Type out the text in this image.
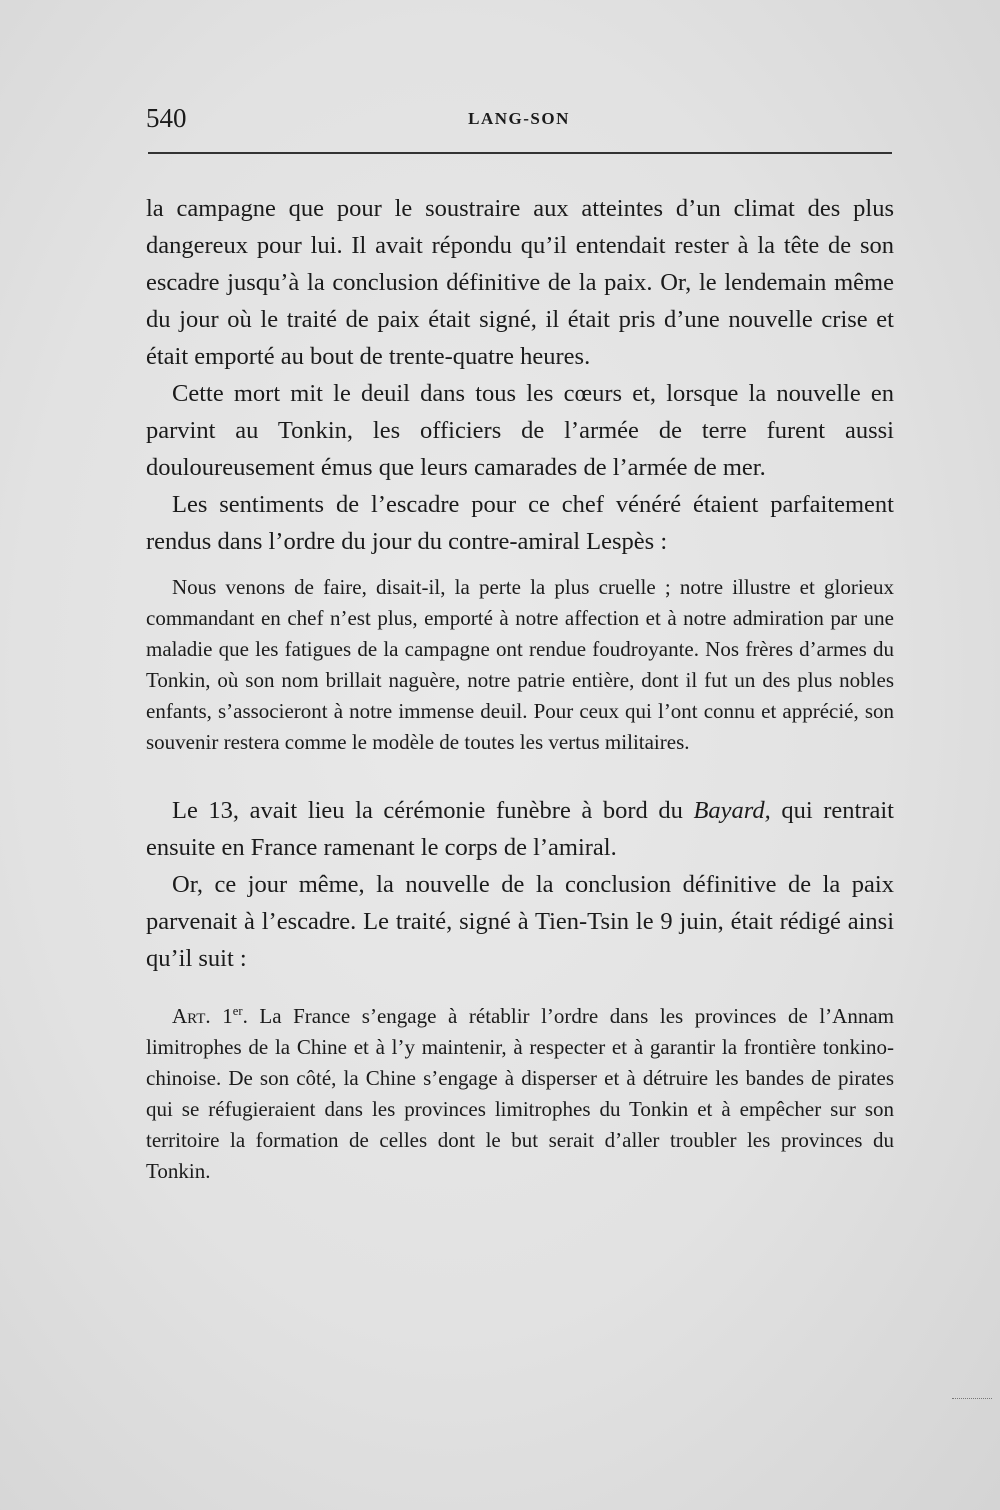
540	LANG-SON

la campagne que pour le soustraire aux atteintes d’un climat des plus dangereux pour lui. Il avait répondu qu’il entendait rester à la tête de son escadre jusqu’à la conclusion définitive de la paix. Or, le lendemain même du jour où le traité de paix était signé, il était pris d’une nouvelle crise et était emporté au bout de trente-quatre heures.

Cette mort mit le deuil dans tous les cœurs et, lorsque la nouvelle en parvint au Tonkin, les officiers de l’armée de terre furent aussi douloureusement émus que leurs camarades de l’armée de mer.

Les sentiments de l’escadre pour ce chef vénéré étaient parfaitement rendus dans l’ordre du jour du contre-amiral Lespès :

Nous venons de faire, disait-il, la perte la plus cruelle ; notre illustre et glorieux commandant en chef n’est plus, emporté à notre affection et à notre admiration par une maladie que les fatigues de la campagne ont rendue foudroyante. Nos frères d’armes du Tonkin, où son nom brillait naguère, notre patrie entière, dont il fut un des plus nobles enfants, s’associeront à notre immense deuil. Pour ceux qui l’ont connu et apprécié, son souvenir restera comme le modèle de toutes les vertus militaires.

Le 13, avait lieu la cérémonie funèbre à bord du Bayard, qui rentrait ensuite en France ramenant le corps de l’amiral.

Or, ce jour même, la nouvelle de la conclusion définitive de la paix parvenait à l’escadre. Le traité, signé à Tien-Tsin le 9 juin, était rédigé ainsi qu’il suit :

Art. 1er. La France s’engage à rétablir l’ordre dans les provinces de l’Annam limitrophes de la Chine et à l’y maintenir, à respecter et à garantir la frontière tonkino-chinoise. De son côté, la Chine s’engage à disperser et à détruire les bandes de pirates qui se réfugieraient dans les provinces limitrophes du Tonkin et à empêcher sur son territoire la formation de celles dont le but serait d’aller troubler les provinces du Tonkin.
